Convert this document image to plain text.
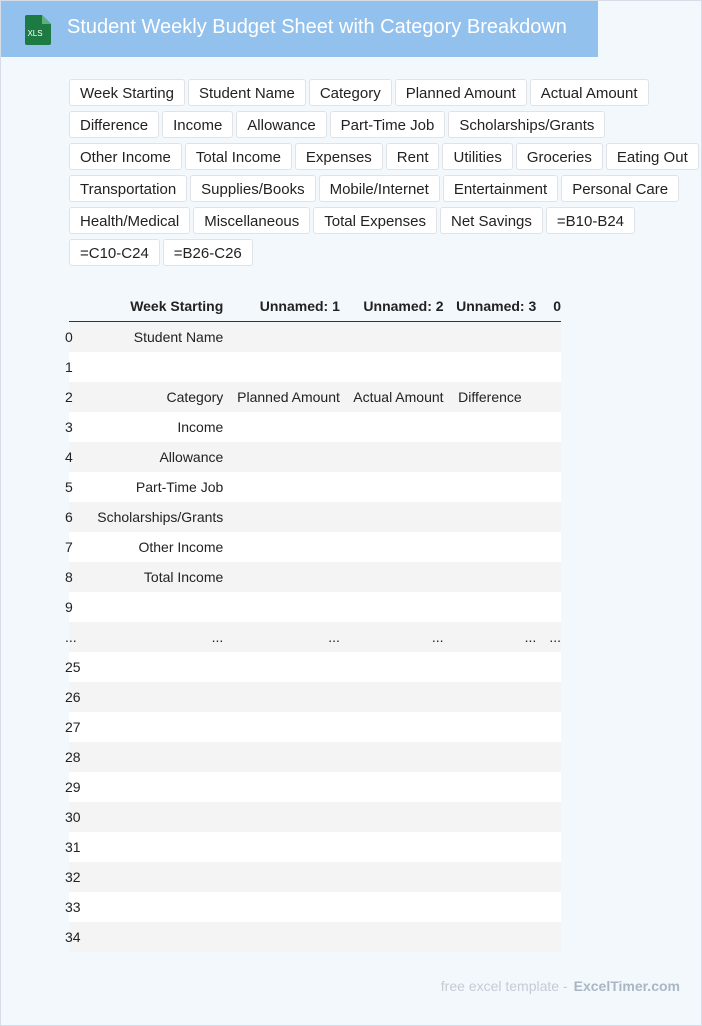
XLS Student Weekly Budget Sheet with Category Breakdown
Week Starting	Student Name	Category	Planned Amount	Actual Amount
Difference	Income	Allowance	Part-Time Job	Scholarships/Grants
Other Income	Total Income	Expenses	Rent	Utilities	Groceries	Eating Out
Transportation	Supplies/Books	Mobile/Internet	Entertainment	Personal Care
Health/Medical	Miscellaneous	Total Expenses	Net Savings	=B10-B24
=C10-C24	=B26-C26
	Week Starting	Unnamed: 1	Unnamed: 2	Unnamed: 3	0
0	Student Name				
1					
2	Category	Planned Amount	Actual Amount	Difference	
3	Income				
4	Allowance				
5	Part-Time Job				
6	Scholarships/Grants				
7	Other Income				
8	Total Income				
9					
...	...	...	...	...	...
25					
26					
27					
28					
29					
30					
31					
32					
33					
34					
free excel template - ExcelTimer.com
